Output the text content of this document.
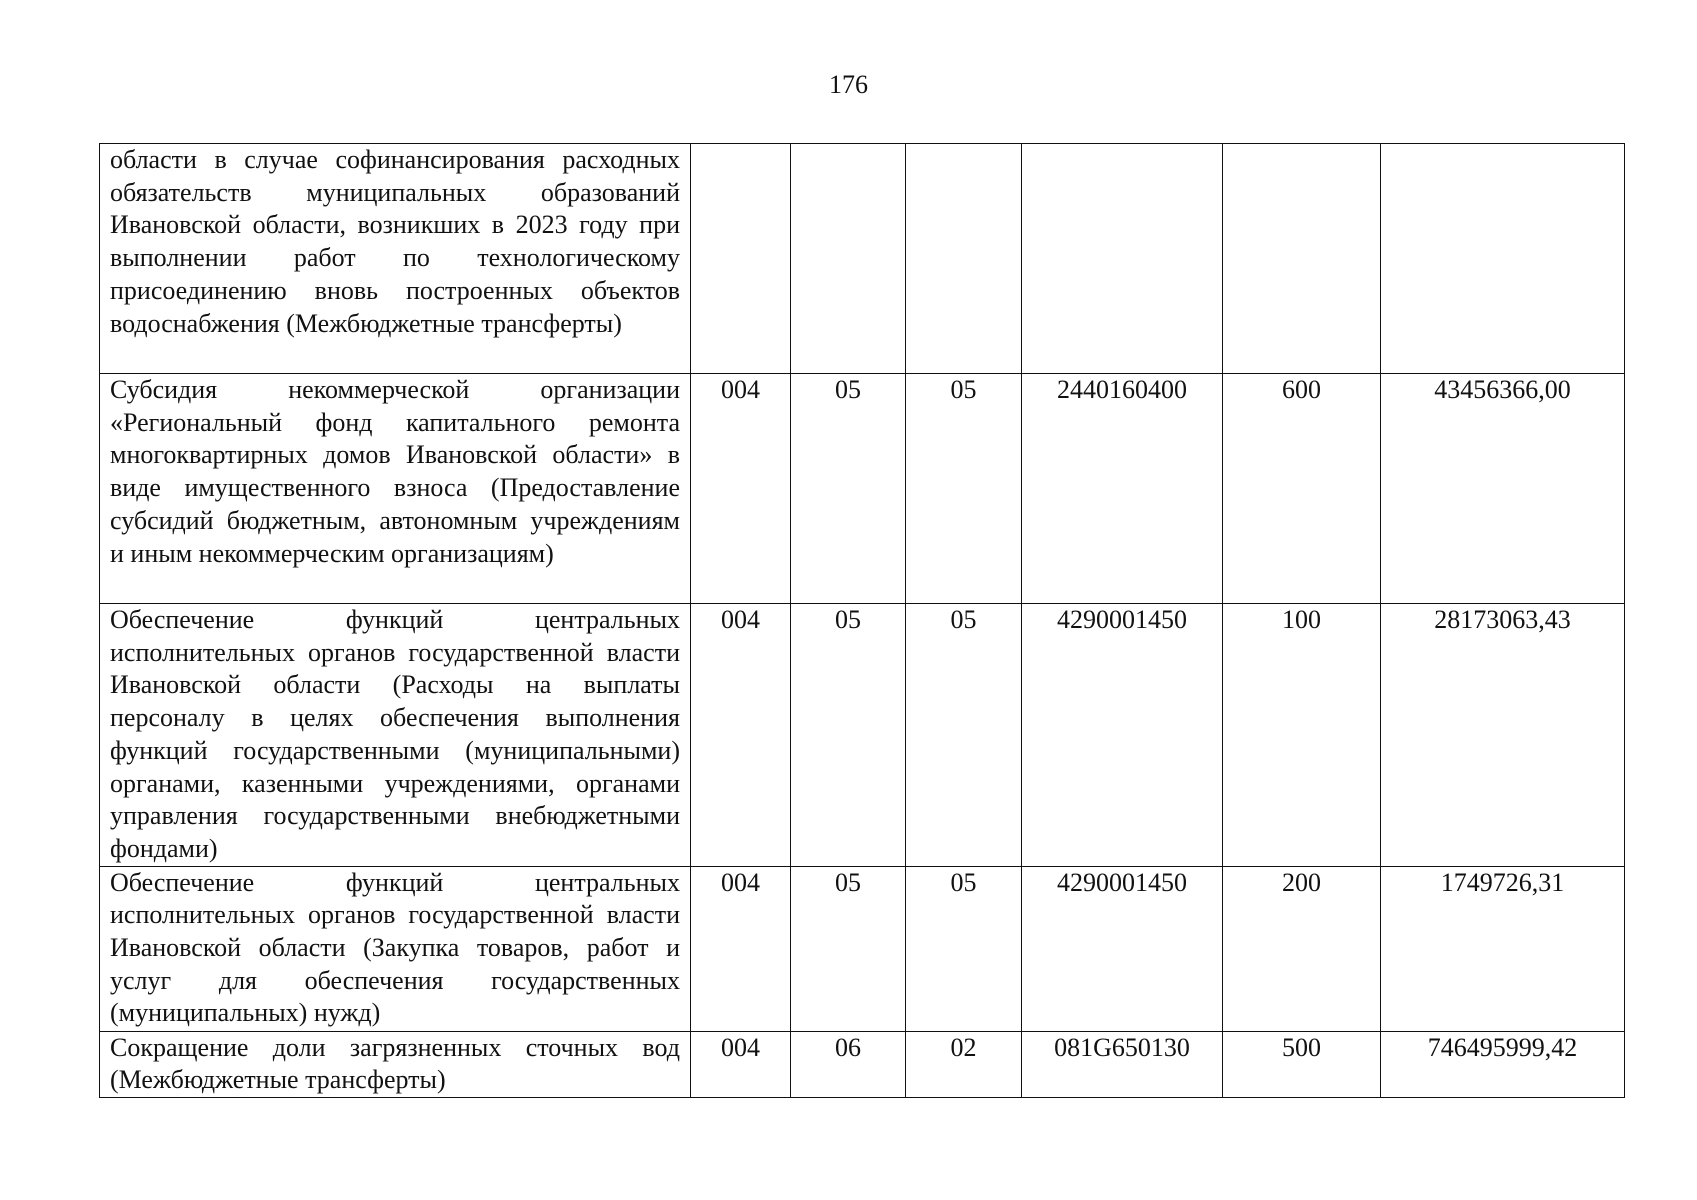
176
области в случае софинансирования расходных обязательств муниципальных образований Ивановской области, возникших в 2023 году при выполнении работ по технологическому присоединению вновь построенных объектов водоснабжения (Межбюджетные трансферты)						
Субсидия некоммерческой организации «Региональный фонд капитального ремонта многоквартирных домов Ивановской области» в виде имущественного взноса (Предоставление субсидий бюджетным, автономным учреждениям и иным некоммерческим организациям)	004	05	05	2440160400	600	43456366,00
Обеспечение функций центральных исполнительных органов государственной власти Ивановской области (Расходы на выплаты персоналу в целях обеспечения выполнения функций государственными (муниципальными) органами, казенными учреждениями, органами управления государственными внебюджетными фондами)	004	05	05	4290001450	100	28173063,43
Обеспечение функций центральных исполнительных органов государственной власти Ивановской области (Закупка товаров, работ и услуг для обеспечения государственных (муниципальных) нужд)	004	05	05	4290001450	200	1749726,31
Сокращение доли загрязненных сточных вод (Межбюджетные трансферты)	004	06	02	081G650130	500	746495999,42
